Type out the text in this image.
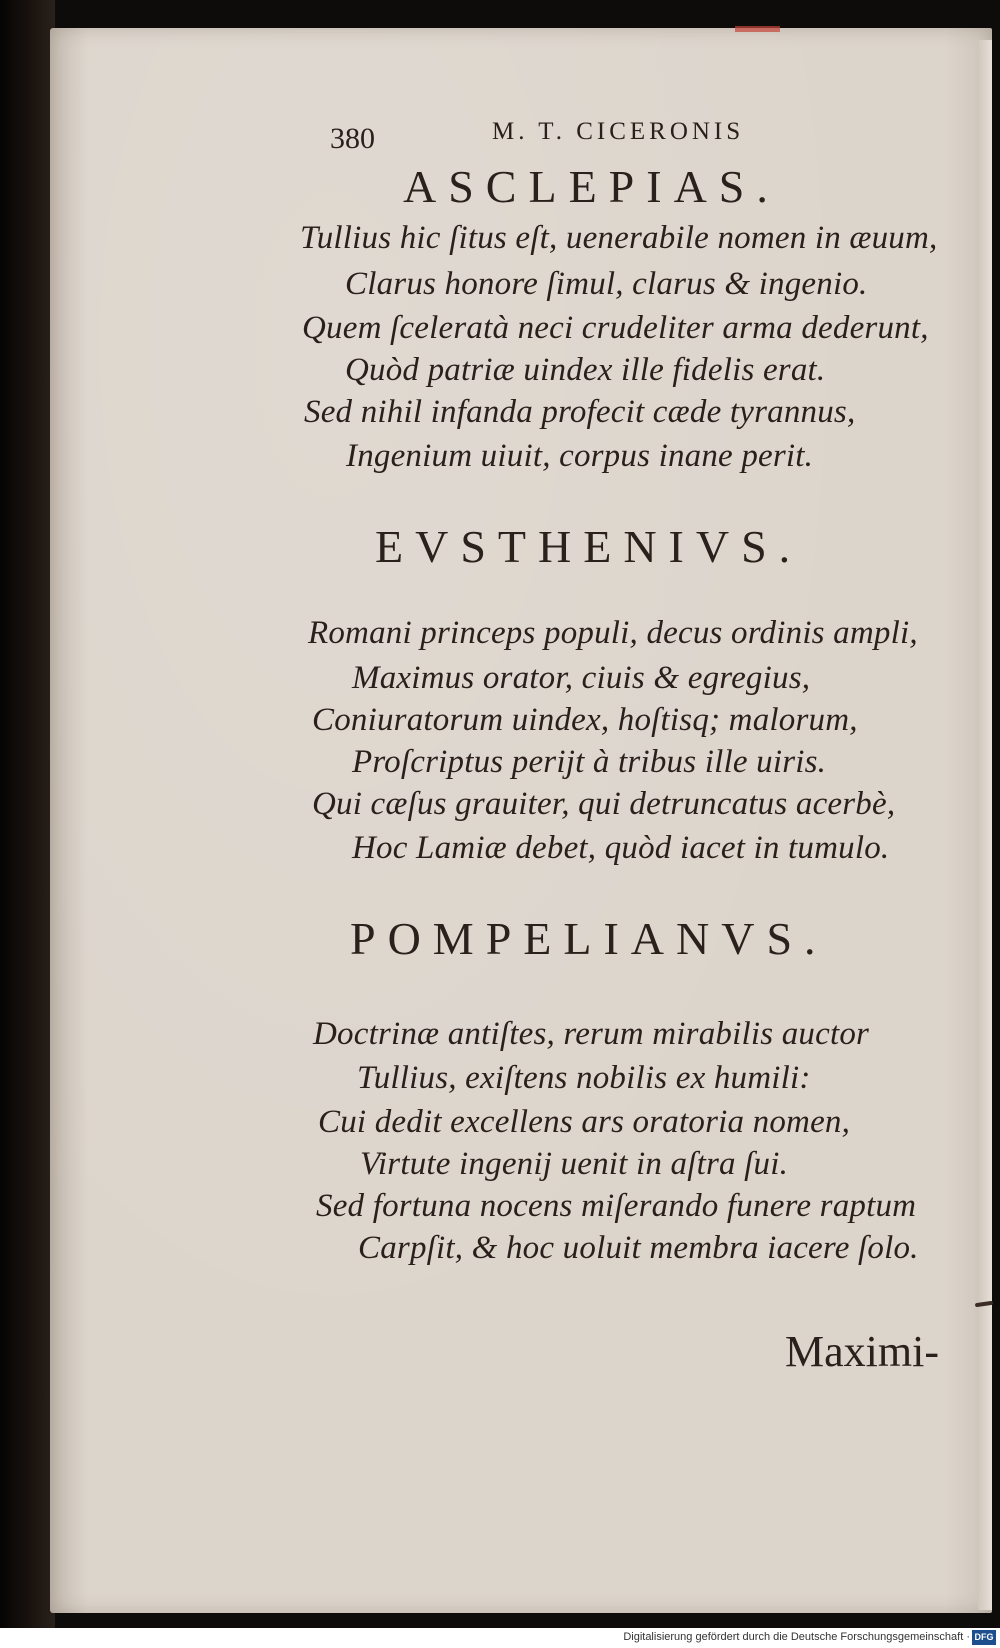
380	M. T. CICERONIS
ASCLEPIAS.
Tullius hic ſitus eſt, uenerabile nomen in æuum,
Clarus honore ſimul, clarus & ingenio.
Quem ſceleratà neci crudeliter arma dederunt,
Quòd patriæ uindex ille fidelis erat.
Sed nihil infanda profecit cæde tyrannus,
Ingenium uiuit, corpus inane perit.
EVSTHENIVS.
Romani princeps populi, decus ordinis ampli,
Maximus orator, ciuis & egregius,
Coniuratorum uindex, hoſtisq; malorum,
Proſcriptus perijt à tribus ille uiris.
Qui cæſus grauiter, qui detruncatus acerbè,
Hoc Lamiæ debet, quòd iacet in tumulo.
POMPELIANVS.
Doctrinæ antiſtes, rerum mirabilis auctor
Tullius, exiſtens nobilis ex humili:
Cui dedit excellens ars oratoria nomen,
Virtute ingenij uenit in aſtra ſui.
Sed fortuna nocens miſerando funere raptum
Carpſit, & hoc uoluit membra iacere ſolo.
Maximi-
Digitalisierung gefördert durch die Deutsche Forschungsgemeinschaft · DFG
